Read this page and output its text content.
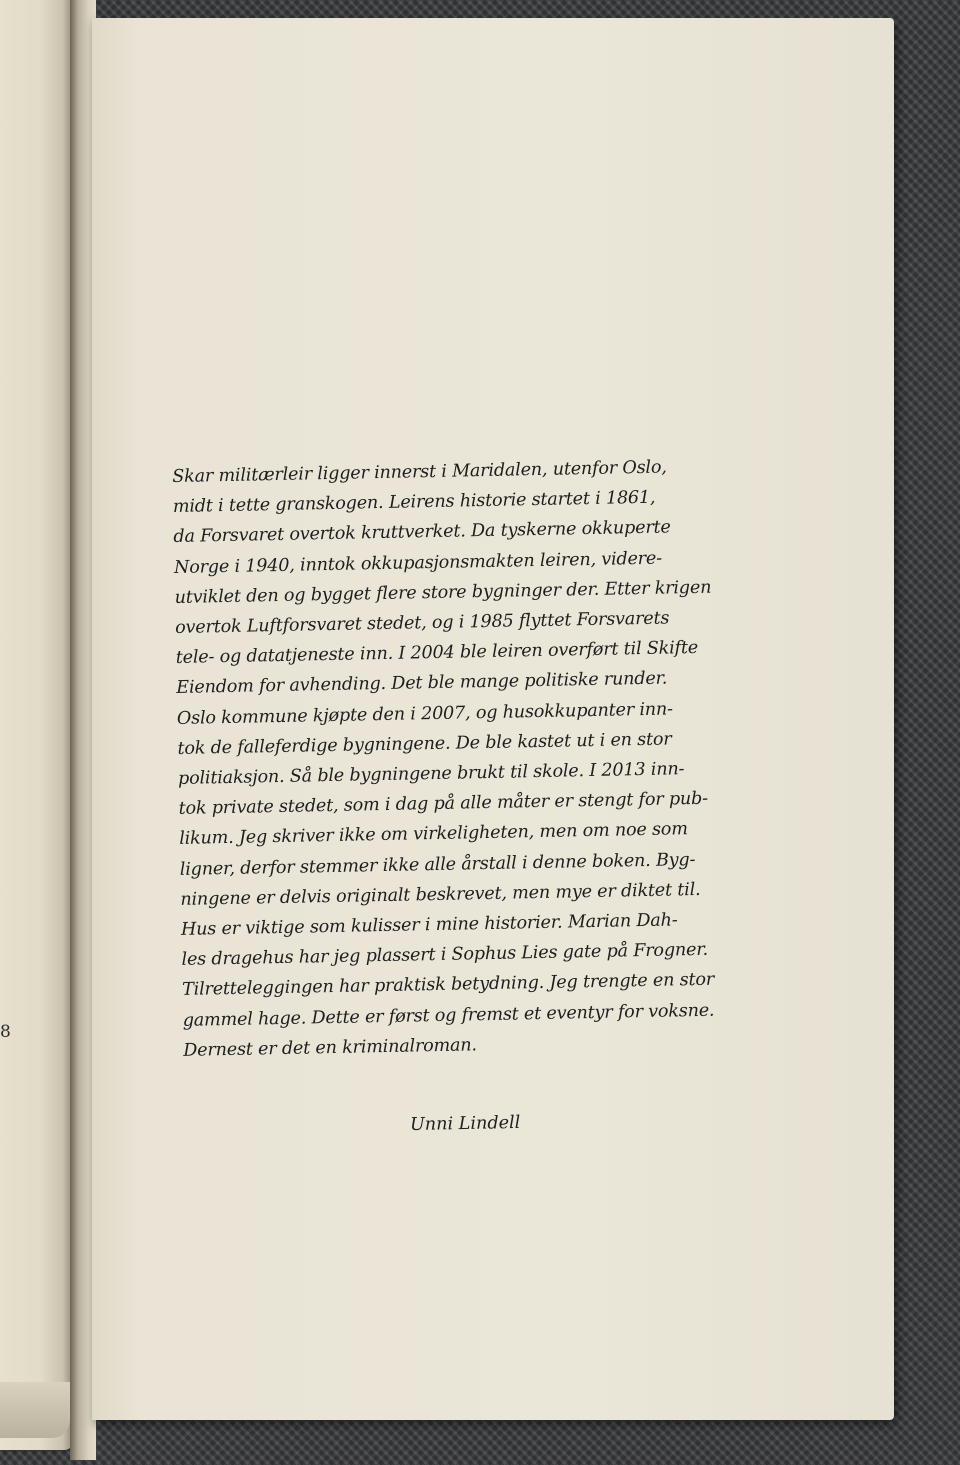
8

Skar militærleir ligger innerst i Maridalen, utenfor Oslo,
midt i tette granskogen. Leirens historie startet i 1861,
da Forsvaret overtok kruttverket. Da tyskerne okkuperte
Norge i 1940, inntok okkupasjonsmakten leiren, videre-
utviklet den og bygget flere store bygninger der. Etter krigen
overtok Luftforsvaret stedet, og i 1985 flyttet Forsvarets
tele- og datatjeneste inn. I 2004 ble leiren overført til Skifte
Eiendom for avhending. Det ble mange politiske runder.
Oslo kommune kjøpte den i 2007, og husokkupanter inn-
tok de falleferdige bygningene. De ble kastet ut i en stor
politiaksjon. Så ble bygningene brukt til skole. I 2013 inn-
tok private stedet, som i dag på alle måter er stengt for pub-
likum. Jeg skriver ikke om virkeligheten, men om noe som
ligner, derfor stemmer ikke alle årstall i denne boken. Byg-
ningene er delvis originalt beskrevet, men mye er diktet til.
Hus er viktige som kulisser i mine historier. Marian Dah-
les dragehus har jeg plassert i Sophus Lies gate på Frogner.
Tilretteleggingen har praktisk betydning. Jeg trengte en stor
gammel hage. Dette er først og fremst et eventyr for voksne.
Dernest er det en kriminalroman.

Unni Lindell
